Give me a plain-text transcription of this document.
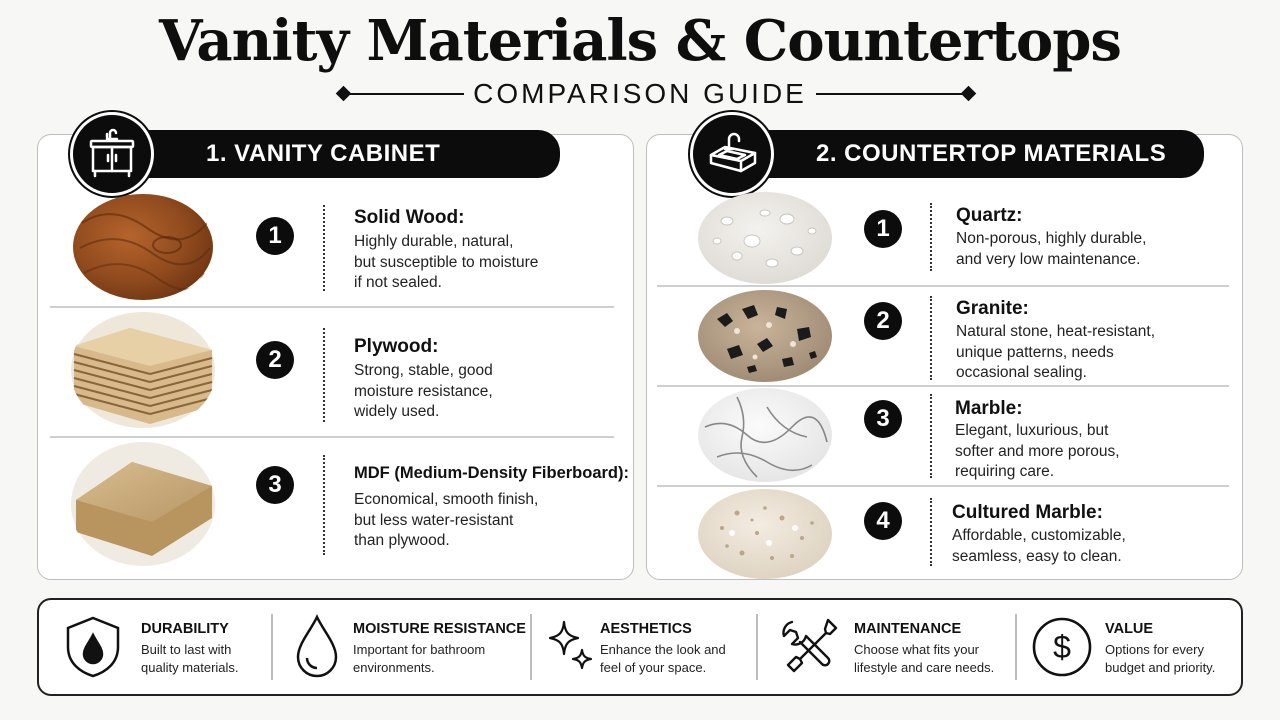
Vanity Materials & Countertops
COMPARISON GUIDE
1. VANITY CABINET MATERIALS
1
Solid Wood:
Highly durable, natural,
but susceptible to moisture
if not sealed.
2	Plywood:
Strong, stable, good
moisture resistance,
widely used.
3	MDF (Medium-Density Fiberboard):
Economical, smooth finish,
but less water-resistant
than plywood.
2. COUNTERTOP MATERIALS
1	Quartz:
Non-porous, highly durable,
and very low maintenance.
2	Granite:
Natural stone, heat-resistant,
unique patterns, needs
occasional sealing.
3	Marble:
Elegant, luxurious, but
softer and more porous,
requiring care.
4	Cultured Marble:
Affordable, customizable,
seamless, easy to clean.
DURABILITY
Built to last with
quality materials.
MOISTURE RESISTANCE
Important for bathroom
environments.
AESTHETICS
Enhance the look and
feel of your space.
MAINTENANCE
Choose what fits your
lifestyle and care needs.
$ VALUE
Options for every
budget and priority.
